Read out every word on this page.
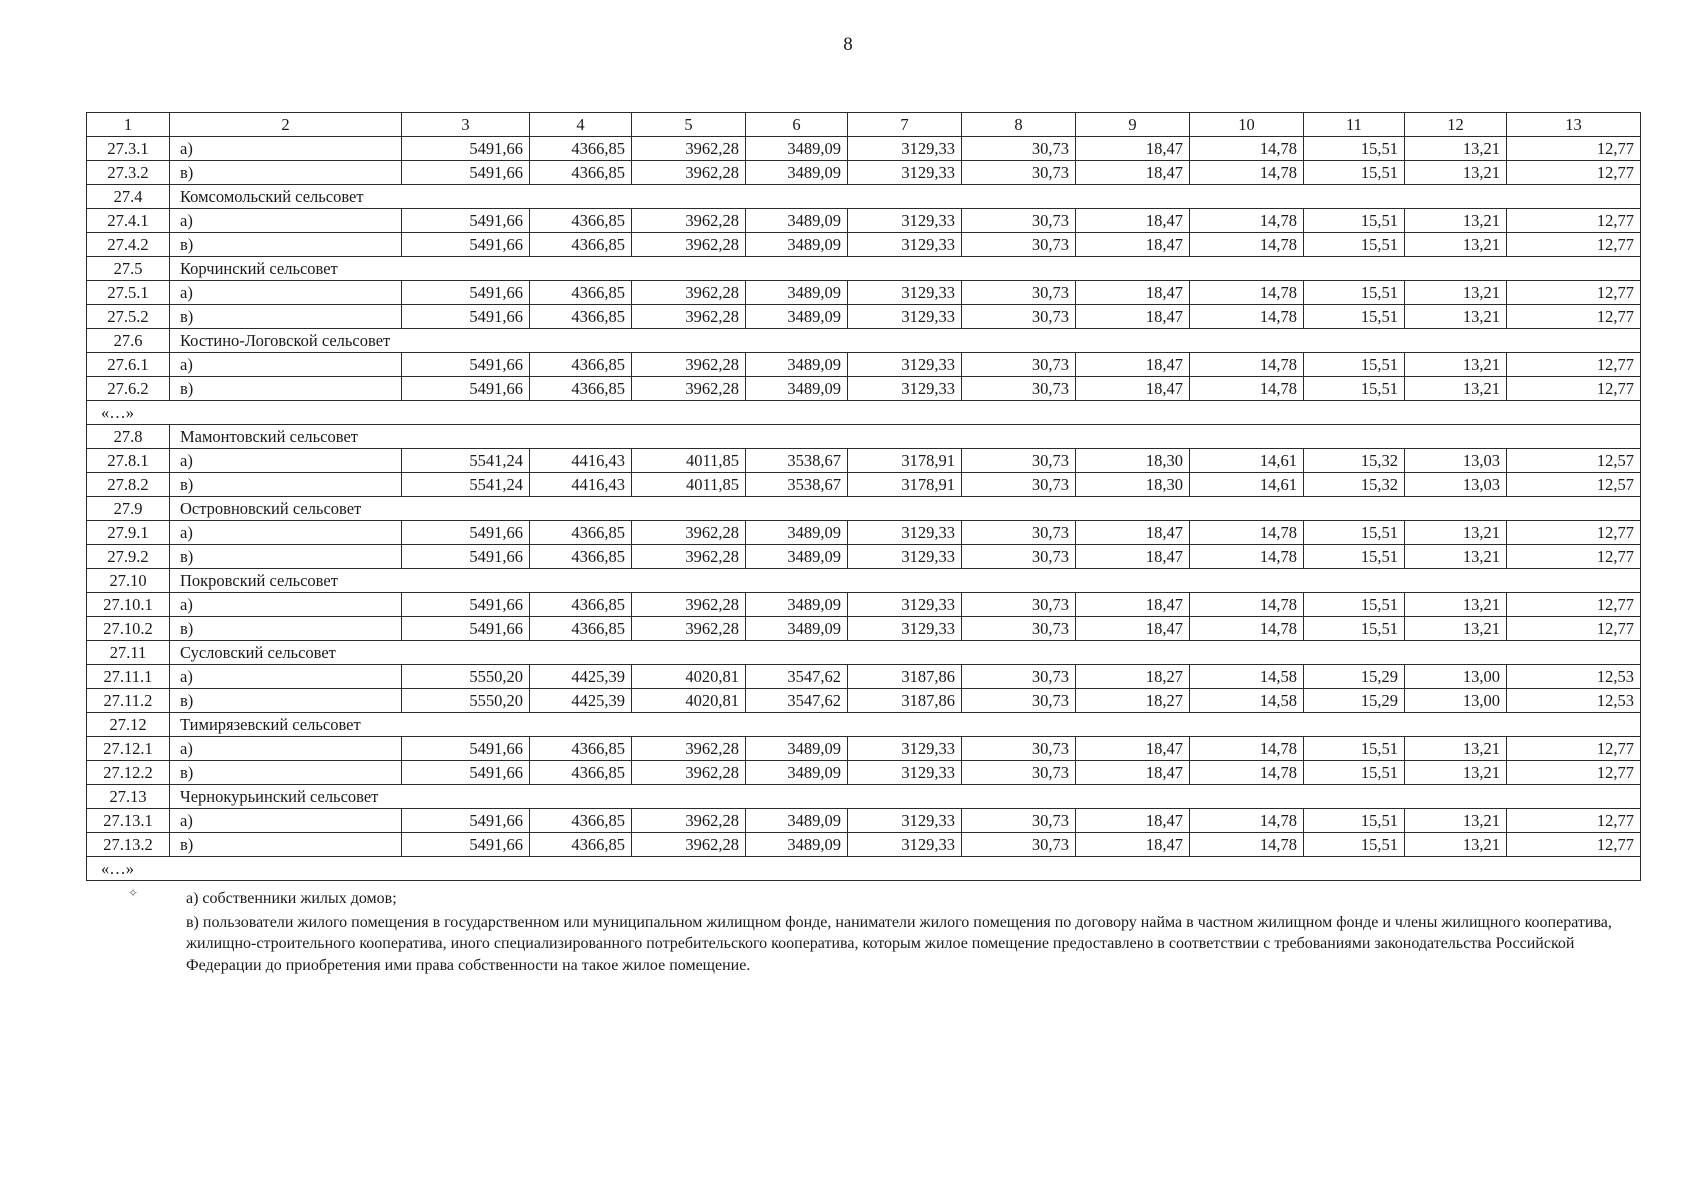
8
1	2	3	4	5	6	7	8	9	10	11	12	13
27.3.1	а)	5491,66	4366,85	3962,28	3489,09	3129,33	30,73	18,47	14,78	15,51	13,21	12,77
27.3.2	в)	5491,66	4366,85	3962,28	3489,09	3129,33	30,73	18,47	14,78	15,51	13,21	12,77
27.4	Комсомольский сельсовет											
27.4.1	а)	5491,66	4366,85	3962,28	3489,09	3129,33	30,73	18,47	14,78	15,51	13,21	12,77
27.4.2	в)	5491,66	4366,85	3962,28	3489,09	3129,33	30,73	18,47	14,78	15,51	13,21	12,77
27.5	Корчинский сельсовет											
27.5.1	а)	5491,66	4366,85	3962,28	3489,09	3129,33	30,73	18,47	14,78	15,51	13,21	12,77
27.5.2	в)	5491,66	4366,85	3962,28	3489,09	3129,33	30,73	18,47	14,78	15,51	13,21	12,77
27.6	Костино-Логовской сельсовет											
27.6.1	а)	5491,66	4366,85	3962,28	3489,09	3129,33	30,73	18,47	14,78	15,51	13,21	12,77
27.6.2	в)	5491,66	4366,85	3962,28	3489,09	3129,33	30,73	18,47	14,78	15,51	13,21	12,77
«…»												
27.8	Мамонтовский сельсовет											
27.8.1	а)	5541,24	4416,43	4011,85	3538,67	3178,91	30,73	18,30	14,61	15,32	13,03	12,57
27.8.2	в)	5541,24	4416,43	4011,85	3538,67	3178,91	30,73	18,30	14,61	15,32	13,03	12,57
27.9	Островновский сельсовет											
27.9.1	а)	5491,66	4366,85	3962,28	3489,09	3129,33	30,73	18,47	14,78	15,51	13,21	12,77
27.9.2	в)	5491,66	4366,85	3962,28	3489,09	3129,33	30,73	18,47	14,78	15,51	13,21	12,77
27.10	Покровский сельсовет											
27.10.1	а)	5491,66	4366,85	3962,28	3489,09	3129,33	30,73	18,47	14,78	15,51	13,21	12,77
27.10.2	в)	5491,66	4366,85	3962,28	3489,09	3129,33	30,73	18,47	14,78	15,51	13,21	12,77
27.11	Сусловский сельсовет											
27.11.1	а)	5550,20	4425,39	4020,81	3547,62	3187,86	30,73	18,27	14,58	15,29	13,00	12,53
27.11.2	в)	5550,20	4425,39	4020,81	3547,62	3187,86	30,73	18,27	14,58	15,29	13,00	12,53
27.12	Тимирязевский сельсовет											
27.12.1	а)	5491,66	4366,85	3962,28	3489,09	3129,33	30,73	18,47	14,78	15,51	13,21	12,77
27.12.2	в)	5491,66	4366,85	3962,28	3489,09	3129,33	30,73	18,47	14,78	15,51	13,21	12,77
27.13	Чернокурьинский сельсовет											
27.13.1	а)	5491,66	4366,85	3962,28	3489,09	3129,33	30,73	18,47	14,78	15,51	13,21	12,77
27.13.2	в)	5491,66	4366,85	3962,28	3489,09	3129,33	30,73	18,47	14,78	15,51	13,21	12,77
«…»												
✧	а) собственники жилых домов;

в) пользователи жилого помещения в государственном или муниципальном жилищном фонде, наниматели жилого помещения по договору найма в частном жилищном фонде и члены жилищного кооператива, жилищно-строительного кооператива, иного специализированного потребительского кооператива, которым жилое помещение предоставлено в соответствии с требованиями законодательства Российской Федерации до приобретения ими права собственности на такое жилое помещение.
